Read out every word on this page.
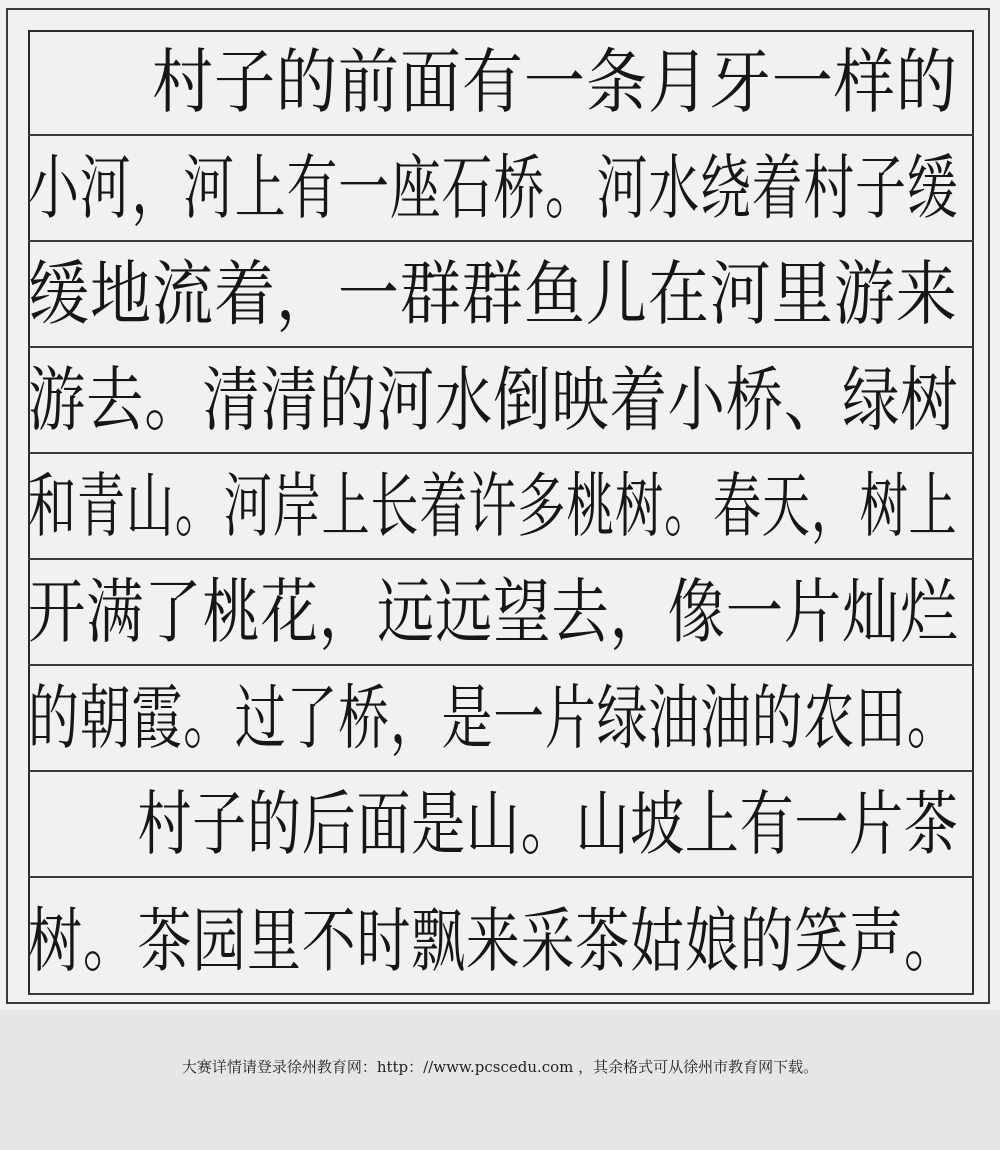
　　村子的前面有一条月牙一样的
小河，河上有一座石桥。河水绕着村子缓
缓地流着，一群群鱼儿在河里游来
游去。清清的河水倒映着小桥、绿树
和青山。河岸上长着许多桃树。春天，树上
开满了桃花，远远望去，像一片灿烂
的朝霞。过了桥，是一片绿油油的农田。
　　村子的后面是山。山坡上有一片茶
树。茶园里不时飘来采茶姑娘的笑声。
大赛详情请登录徐州教育网：http：//www.pcscedu.com ，其余格式可从徐州市教育网下载。
